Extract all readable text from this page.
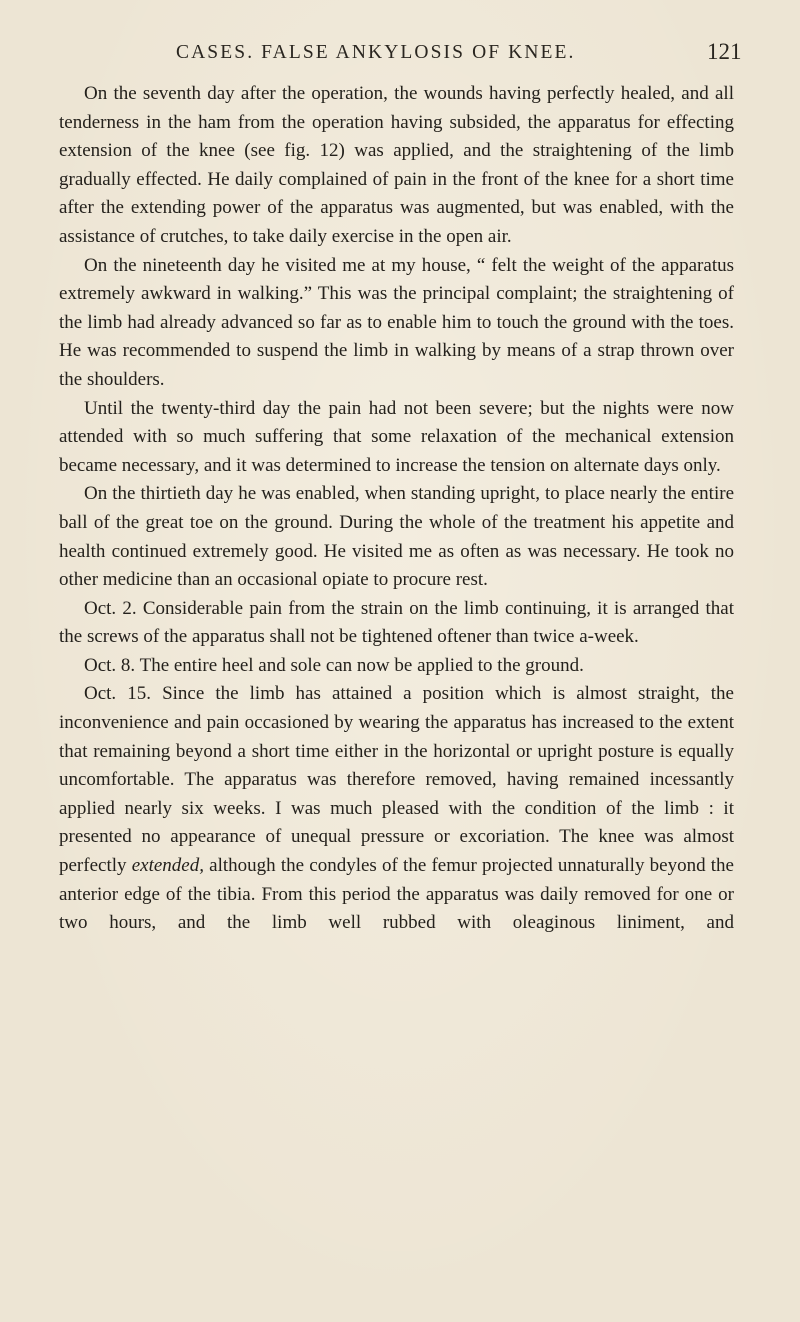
CASES. FALSE ANKYLOSIS OF KNEE.	121

On the seventh day after the operation, the wounds having perfectly healed, and all tenderness in the ham from the operation having subsided, the apparatus for effecting extension of the knee (see fig. 12) was applied, and the straightening of the limb gradually effected. He daily complained of pain in the front of the knee for a short time after the extending power of the apparatus was augmented, but was enabled, with the assistance of crutches, to take daily exercise in the open air.

On the nineteenth day he visited me at my house, “ felt the weight of the apparatus extremely awkward in walking.” This was the principal complaint; the straightening of the limb had already advanced so far as to enable him to touch the ground with the toes. He was recommended to suspend the limb in walking by means of a strap thrown over the shoulders.

Until the twenty-third day the pain had not been severe; but the nights were now attended with so much suffering that some relaxation of the mechanical extension became necessary, and it was determined to increase the tension on alternate days only.

On the thirtieth day he was enabled, when standing upright, to place nearly the entire ball of the great toe on the ground. During the whole of the treatment his appetite and health continued extremely good. He visited me as often as was necessary. He took no other medicine than an occasional opiate to procure rest.

Oct. 2. Considerable pain from the strain on the limb continuing, it is arranged that the screws of the apparatus shall not be tightened oftener than twice a-week.

Oct. 8. The entire heel and sole can now be applied to the ground.

Oct. 15. Since the limb has attained a position which is almost straight, the inconvenience and pain occasioned by wearing the apparatus has increased to the extent that remaining beyond a short time either in the horizontal or upright posture is equally uncomfortable. The apparatus was therefore removed, having remained incessantly applied nearly six weeks. I was much pleased with the condition of the limb : it presented no appearance of unequal pressure or excoriation. The knee was almost perfectly extended, although the condyles of the femur projected unnaturally beyond the anterior edge of the tibia. From this period the apparatus was daily removed for one or two hours, and the limb well rubbed with oleaginous liniment, and
